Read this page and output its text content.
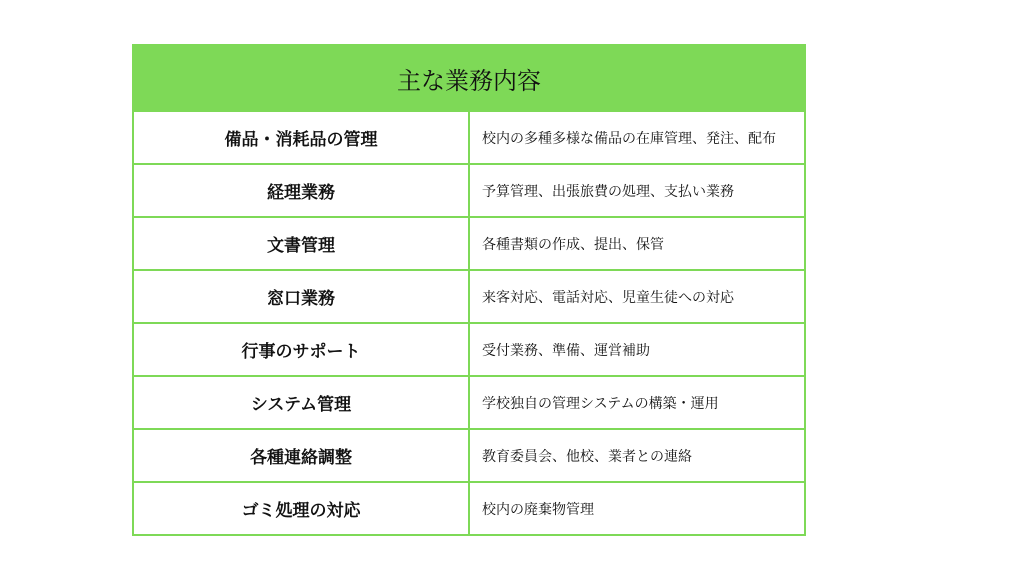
主な業務内容	
備品・消耗品の管理	校内の多種多様な備品の在庫管理、発注、配布
経理業務	予算管理、出張旅費の処理、支払い業務
文書管理	各種書類の作成、提出、保管
窓口業務	来客対応、電話対応、児童生徒への対応
行事のサポート	受付業務、準備、運営補助
システム管理	学校独自の管理システムの構築・運用
各種連絡調整	教育委員会、他校、業者との連絡
ゴミ処理の対応	校内の廃棄物管理
